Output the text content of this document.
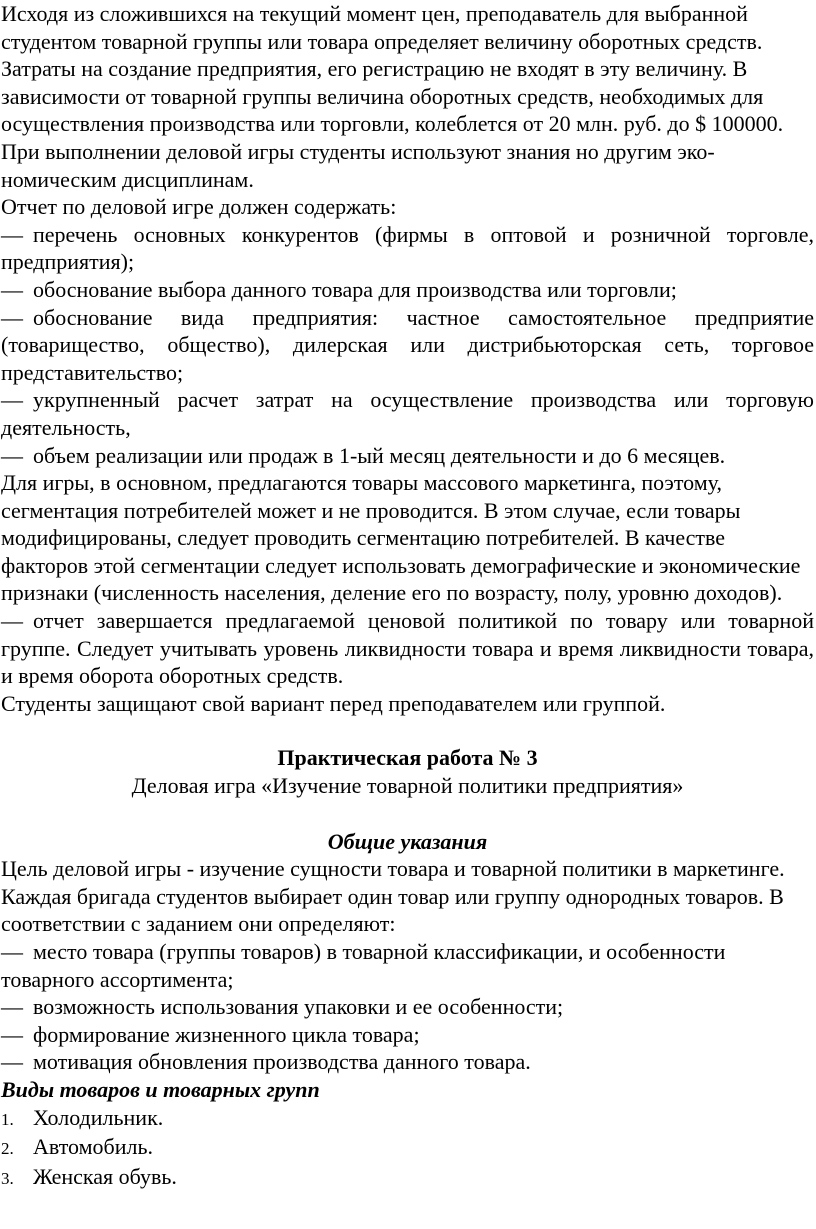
Исходя из сложившихся на текущий момент цен, преподаватель для выбранной студентом товарной группы или товара определяет величину оборотных средств. Затраты на создание предприятия, его регистрацию не входят в эту величину. В зависимости от товарной группы величина оборотных средств, необходимых для осуществления производства или торговли, колеблется от 20 млн. руб. до $ 100000.

При выполнении деловой игры студенты используют знания но другим эко-номическим дисциплинам.

Отчет по деловой игре должен содержать:

— перечень основных конкурентов (фирмы в оптовой и розничной торговле, предприятия);

— обоснование выбора данного товара для производства или торговли;

— обоснование вида предприятия: частное самостоятельное предприятие (товарищество, общество), дилерская или дистрибьюторская сеть, торговое представительство;

— укрупненный расчет затрат на осуществление производства или торговую деятельность,

— объем реализации или продаж в 1-ый месяц деятельности и до 6 месяцев.

Для игры, в основном, предлагаются товары массового маркетинга, поэтому, сегментация потребителей может и не проводится. В этом случае, если товары модифицированы, следует проводить сегментацию потребителей. В качестве факторов этой сегментации следует использовать демографические и экономические признаки (численность населения, деление его по возрасту, полу, уровню доходов).

— отчет завершается предлагаемой ценовой политикой по товару или товарной группе. Следует учитывать уровень ликвидности товара и время ликвидности товара, и время оборота оборотных средств.

Студенты защищают свой вариант перед преподавателем или группой.

Практическая работа № 3

Деловая игра «Изучение товарной политики предприятия»

Общие указания

Цель деловой игры - изучение сущности товара и товарной политики в маркетинге. Каждая бригада студентов выбирает один товар или группу однородных товаров. В соответствии с заданием они определяют:

— место товара (группы товаров) в товарной классификации, и особенности товарного ассортимента;

— возможность использования упаковки и ее особенности;

— формирование жизненного цикла товара;

— мотивация обновления производства данного товара.

Виды товаров и товарных групп

1. Холодильник.
2. Автомобиль.
3. Женская обувь.
